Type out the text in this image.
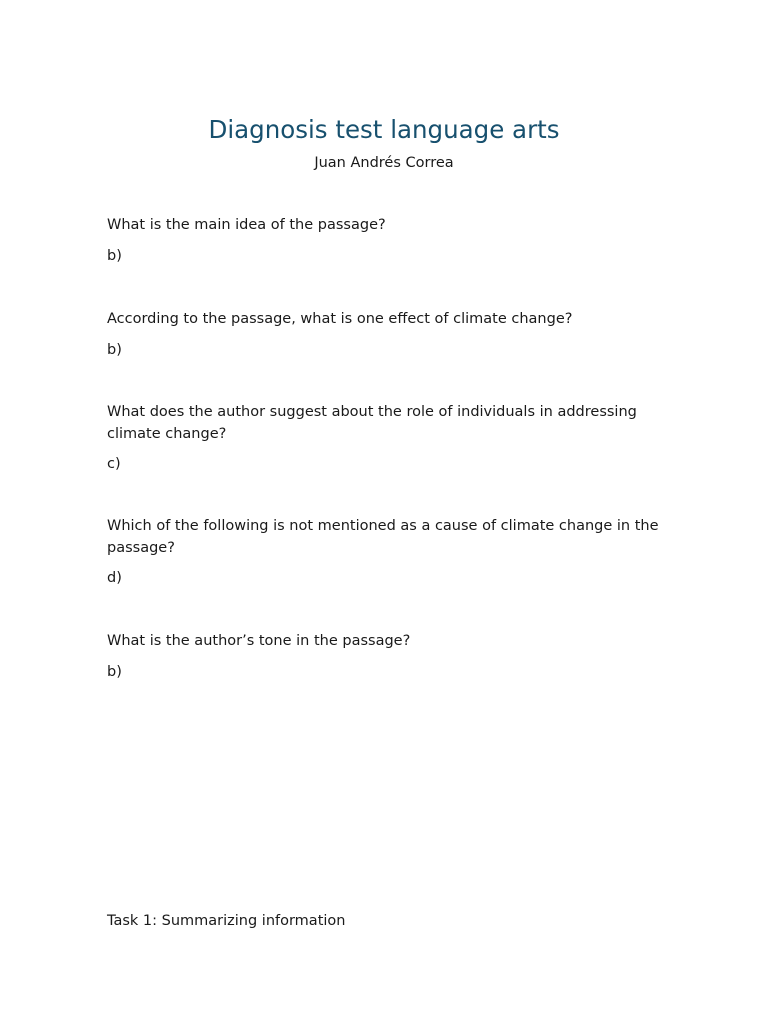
Diagnosis test language arts
Juan Andrés Correa

What is the main idea of the passage?

b)

According to the passage, what is one effect of climate change?

b)

What does the author suggest about the role of individuals in addressing climate change?

c)

Which of the following is not mentioned as a cause of climate change in the passage?

d)

What is the author’s tone in the passage?

b)

Task 1: Summarizing information
